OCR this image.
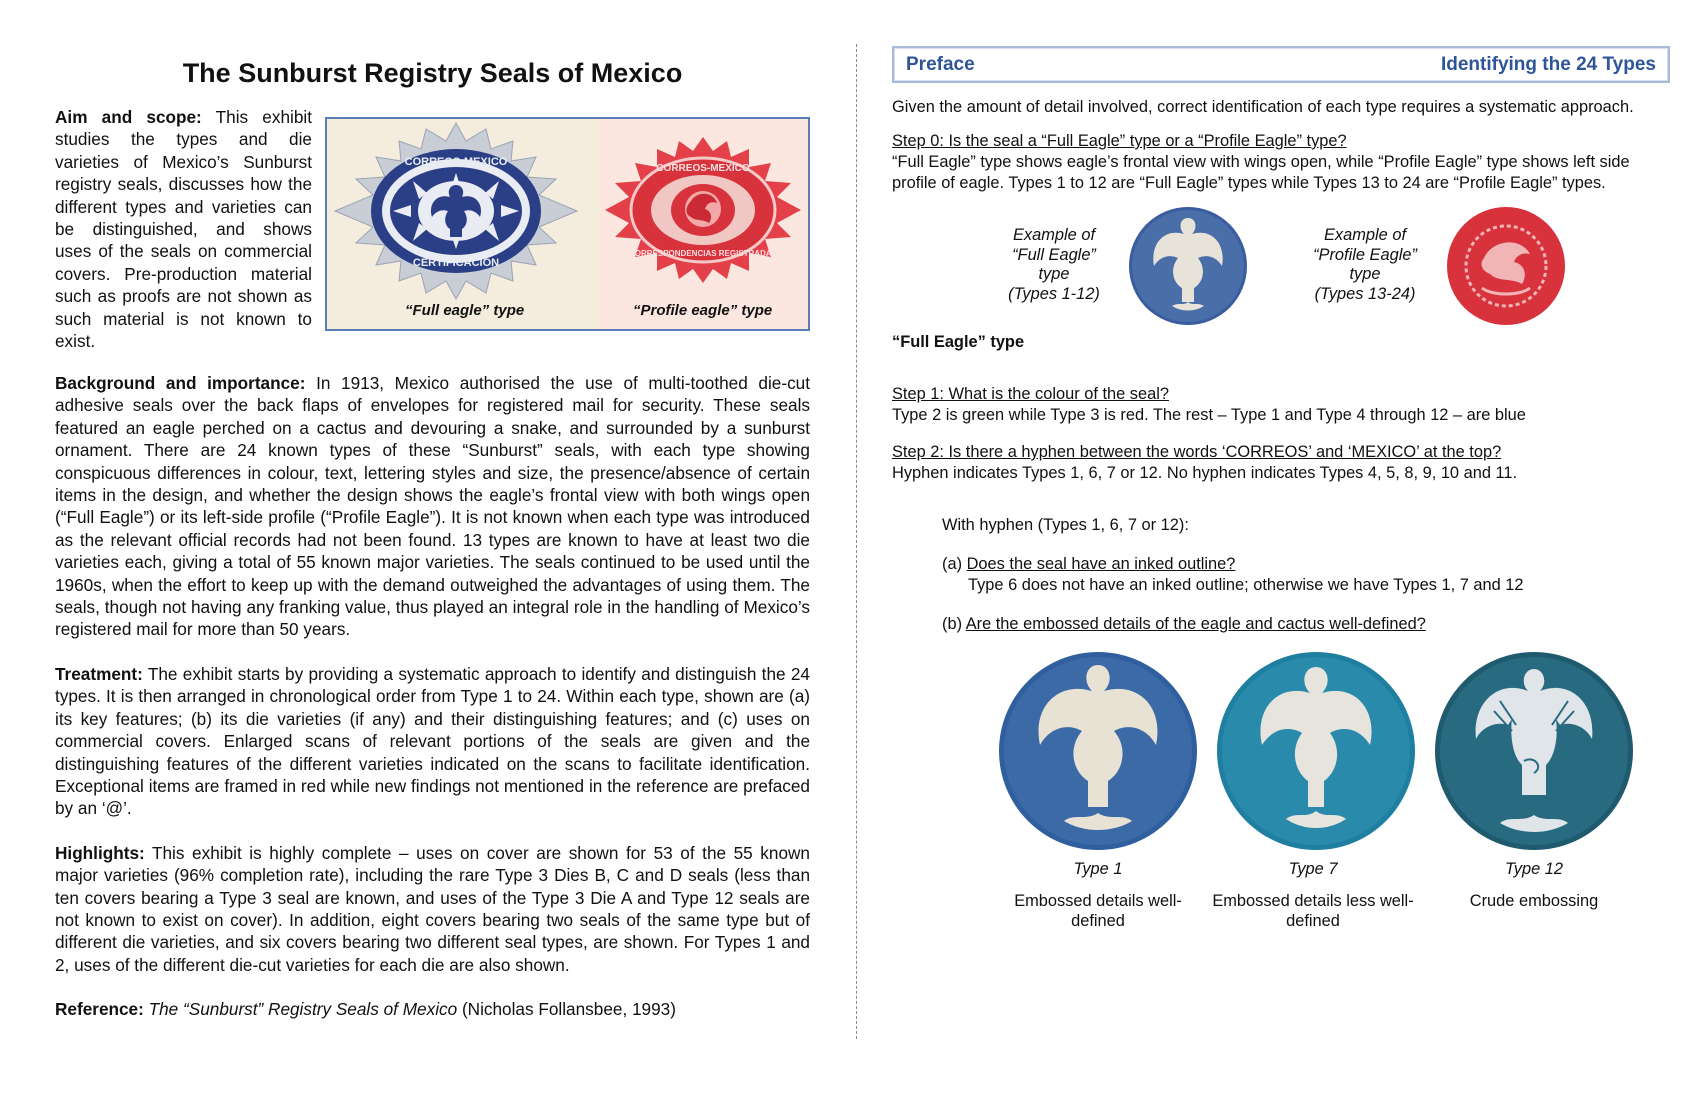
The Sunburst Registry Seals of Mexico
Aim and scope: This exhibit studies the types and die varieties of Mexico’s Sunburst registry seals, discusses how the different types and varieties can be distinguished, and shows uses of the seals on commercial covers. Pre-production material such as proofs are not shown as such material is not known to exist.
CORREOS-MEXICO
CERTIFICACION
CORREOS-MEXICO
CORRESPONDENCIAS REGISTRADAS
“Full eagle” type	“Profile eagle” type
Background and importance: In 1913, Mexico authorised the use of multi-toothed die-cut adhesive seals over the back flaps of envelopes for registered mail for security. These seals featured an eagle perched on a cactus and devouring a snake, and surrounded by a sunburst ornament. There are 24 known types of these “Sunburst” seals, with each type showing conspicuous differences in colour, text, lettering styles and size, the presence/absence of certain items in the design, and whether the design shows the eagle’s frontal view with both wings open (“Full Eagle”) or its left-side profile (“Profile Eagle”). It is not known when each type was introduced as the relevant official records had not been found. 13 types are known to have at least two die varieties each, giving a total of 55 known major varieties. The seals continued to be used until the 1960s, when the effort to keep up with the demand outweighed the advantages of using them. The seals, though not having any franking value, thus played an integral role in the handling of Mexico’s registered mail for more than 50 years.
Treatment: The exhibit starts by providing a systematic approach to identify and distinguish the 24 types. It is then arranged in chronological order from Type 1 to 24. Within each type, shown are (a) its key features; (b) its die varieties (if any) and their distinguishing features; and (c) uses on commercial covers. Enlarged scans of relevant portions of the seals are given and the distinguishing features of the different varieties indicated on the scans to facilitate identification. Exceptional items are framed in red while new findings not mentioned in the reference are prefaced by an ‘@’.
Highlights: This exhibit is highly complete – uses on cover are shown for 53 of the 55 known major varieties (96% completion rate), including the rare Type 3 Dies B, C and D seals (less than ten covers bearing a Type 3 seal are known, and uses of the Type 3 Die A and Type 12 seals are not known to exist on cover). In addition, eight covers bearing two seals of the same type but of different die varieties, and six covers bearing two different seal types, are shown. For Types 1 and 2, uses of the different die-cut varieties for each die are also shown.
Reference: The “Sunburst” Registry Seals of Mexico (Nicholas Follansbee, 1993)
Preface	Identifying the 24 Types
Given the amount of detail involved, correct identification of each type requires a systematic approach.
Step 0: Is the seal a “Full Eagle” type or a “Profile Eagle” type?
“Full Eagle” type shows eagle’s frontal view with wings open, while “Profile Eagle” type shows left side profile of eagle. Types 1 to 12 are “Full Eagle” types while Types 13 to 24 are “Profile Eagle” types.
Example of
“Full Eagle”
type
(Types 1-12)
Example of
“Profile Eagle”
type
(Types 13-24)
“Full Eagle” type
Step 1: What is the colour of the seal?
Type 2 is green while Type 3 is red. The rest – Type 1 and Type 4 through 12 – are blue
Step 2: Is there a hyphen between the words ‘CORREOS’ and ‘MEXICO’ at the top?
Hyphen indicates Types 1, 6, 7 or 12. No hyphen indicates Types 4, 5, 8, 9, 10 and 11.
With hyphen (Types 1, 6, 7 or 12):
(a) Does the seal have an inked outline?
Type 6 does not have an inked outline; otherwise we have Types 1, 7 and 12
(b) Are the embossed details of the eagle and cactus well-defined?
Type 1
Embossed details well-defined
Type 7
Embossed details less well-defined
Type 12
Crude embossing
